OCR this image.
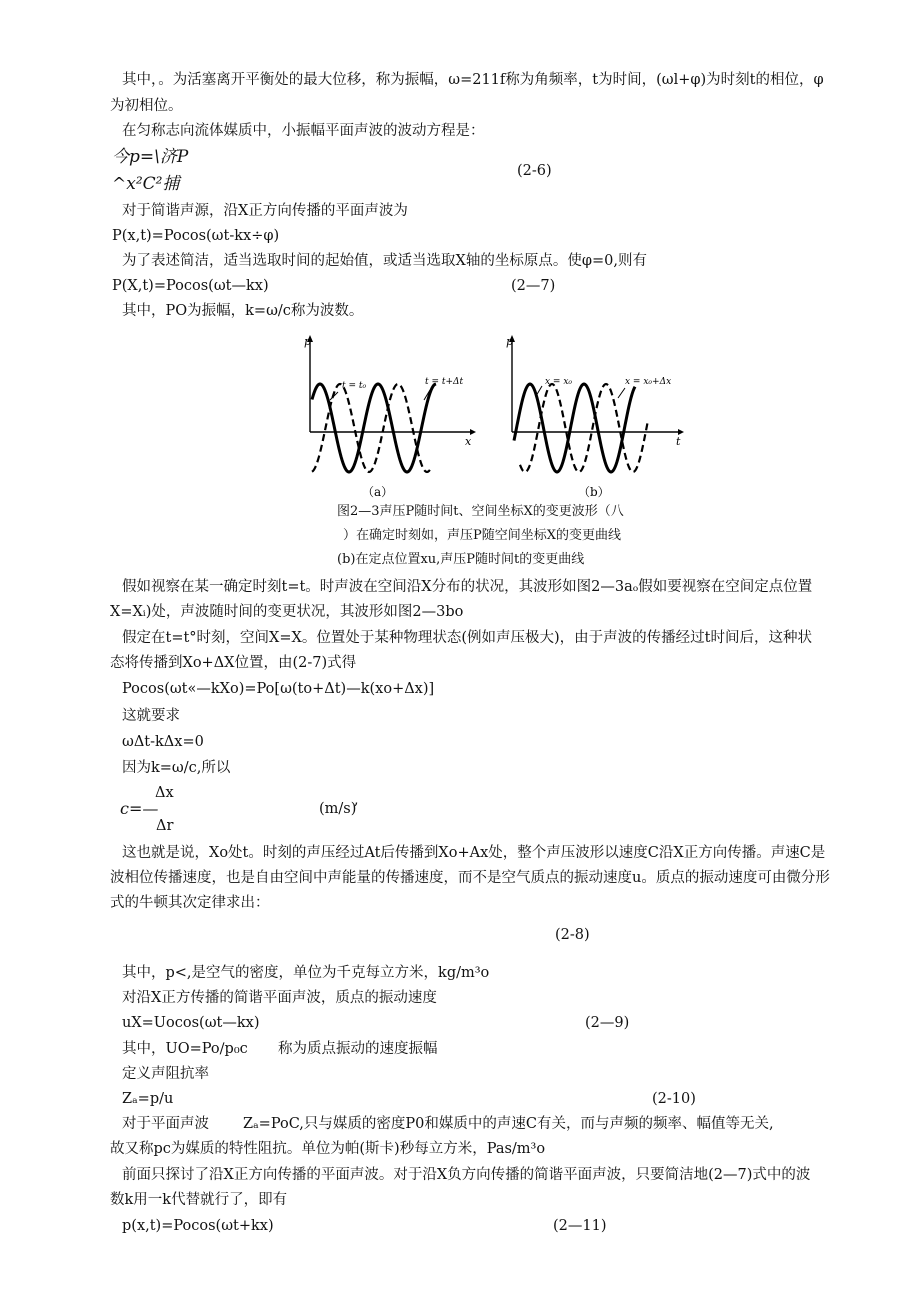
其中，。为活塞离开平衡处的最大位移，称为振幅，ω=211f称为角频率，t为时间，(ωl+φ)为时刻t的相位，φ
为初相位。
在匀称志向流体媒质中，小振幅平面声波的波动方程是：
今p=\济P
^x²C²捕
(2-6)
对于简谐声源，沿X正方向传播的平面声波为
P(x,t)=Pocos(ωt-kx÷φ)
为了表述简洁，适当选取时间的起始值，或适当选取X轴的坐标原点。使φ=0,则有
P(X,t)=Pocos(ωt—kx)	(2—7)
其中，PO为振幅，k=ω/c称为波数。
p
x
t = t₀	t = t+Δt
（a）
p
t
x = x₀	x = x₀+Δx
（b）
图2—3声压P随时间t、空间坐标X的变更波形（八
）在确定时刻如，声压P随空间坐标X的变更曲线
(b)在定点位置xu,声压P随时间t的变更曲线
假如视察在某一确定时刻t=t。时声波在空间沿X分布的状况，其波形如图2—3aₒ假如要视察在空间定点位置
X=Xᵢ)处，声波随时间的变更状况，其波形如图2—3bo
假定在t=t°时刻，空间X=X。位置处于某种物理状态(例如声压极大)，由于声波的传播经过t时间后，这种状
态将传播到Xo+ΔX位置，由(2-7)式得
Pocos(ωt«—kXo)=Po[ω(to+Δt)—k(xo+Δx)]
这就要求
ωΔt-kΔx=0
因为k=ω/c,所以
Δx
c=—	(m/s)
,
Δr
这也就是说，Xo处t。时刻的声压经过At后传播到Xo+Ax处，整个声压波形以速度C沿X正方向传播。声速C是
波相位传播速度，也是自由空间中声能量的传播速度，而不是空气质点的振动速度u。质点的振动速度可由微分形
式的牛顿其次定律求出：
(2-8)
其中，p<,是空气的密度，单位为千克每立方米，kg/m³o
对沿X正方传播的简谐平面声波，质点的振动速度
uX=Uocos(ωt—kx)	(2—9)
其中，UO=Po∕p₀c 称为质点振动的速度振幅
定义声阻抗率
Zₐ=p/u	(2-10)
对于平面声波 Zₐ=PoC,只与媒质的密度P0和媒质中的声速C有关，而与声频的频率、幅值等无关,
故又称pc为媒质的特性阻抗。单位为帕(斯卡)秒每立方米，Pas/m³o
前面只探讨了沿X正方向传播的平面声波。对于沿X负方向传播的简谐平面声波，只要简洁地(2—7)式中的波
数k用一k代替就行了，即有
p(x,t)=Pocos(ωt+kx)	(2—11)
